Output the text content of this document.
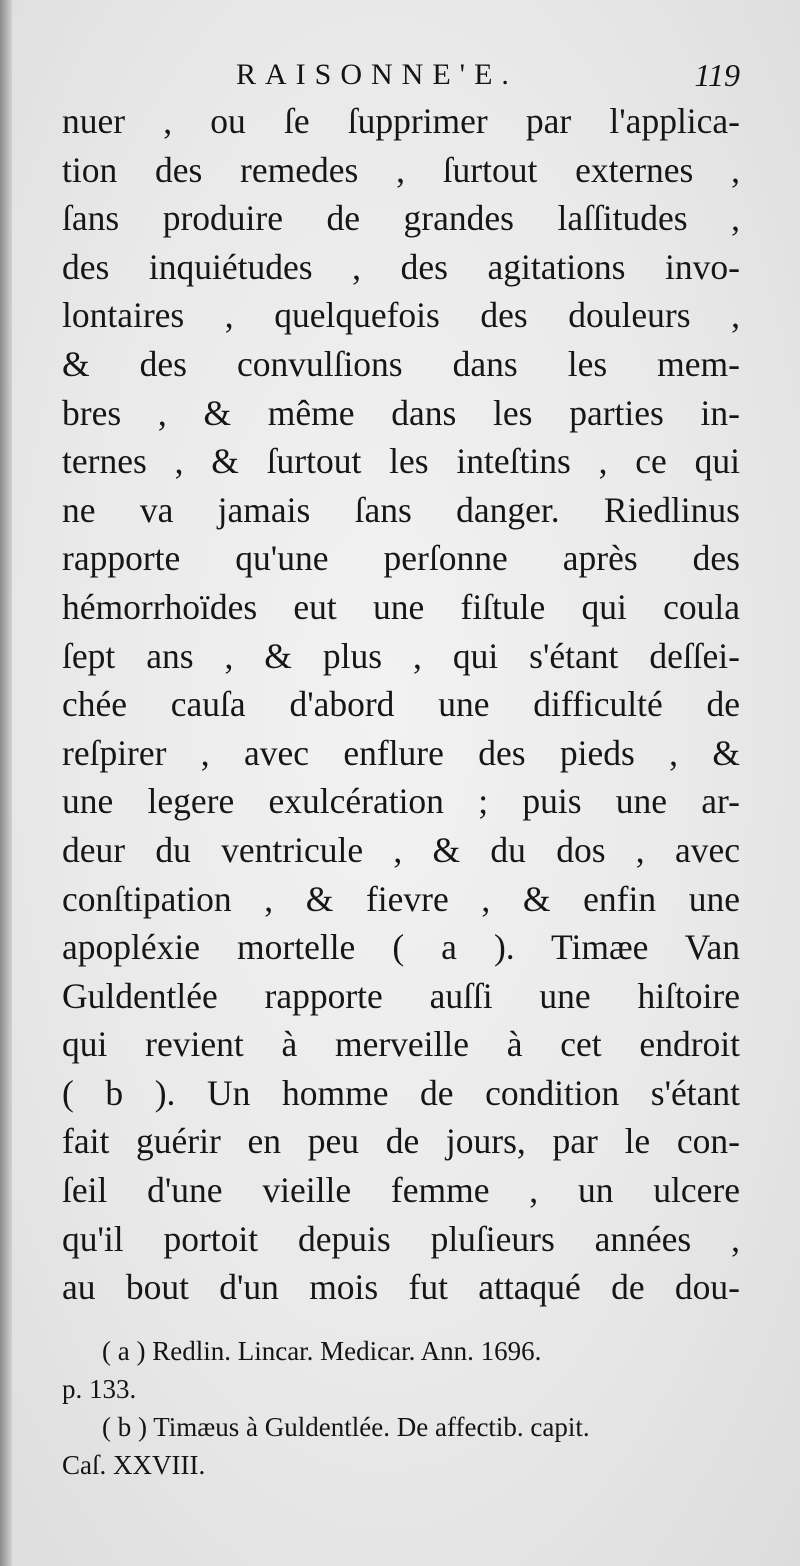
RAISONNE'E.	119
nuer , ou ſe ſupprimer par l'applica-
tion des remedes , ſurtout externes ,
ſans produire de grandes laſſitudes ,
des inquiétudes , des agitations invo-
lontaires , quelquefois des douleurs ,
& des convulſions dans les mem-
bres , & même dans les parties in-
ternes , & ſurtout les inteſtins , ce qui
ne va jamais ſans danger. Riedlinus
rapporte qu'une perſonne après des
hémorrhoïdes eut une fiſtule qui coula
ſept ans , & plus , qui s'étant deſſei-
chée cauſa d'abord une difficulté de
reſpirer , avec enflure des pieds , &
une legere exulcération ; puis une ar-
deur du ventricule , & du dos , avec
conſtipation , & fievre , & enfin une
apopléxie mortelle ( a ). Timæe Van
Guldentlée rapporte auſſi une hiſtoire
qui revient à merveille à cet endroit
( b ). Un homme de condition s'étant
fait guérir en peu de jours, par le con-
ſeil d'une vieille femme , un ulcere
qu'il portoit depuis pluſieurs années ,
au bout d'un mois fut attaqué de dou-
( a ) Redlin. Lincar. Medicar. Ann. 1696.
p. 133.
( b ) Timæus à Guldentlée. De affectib. capit.
Caſ. XXVIII.
